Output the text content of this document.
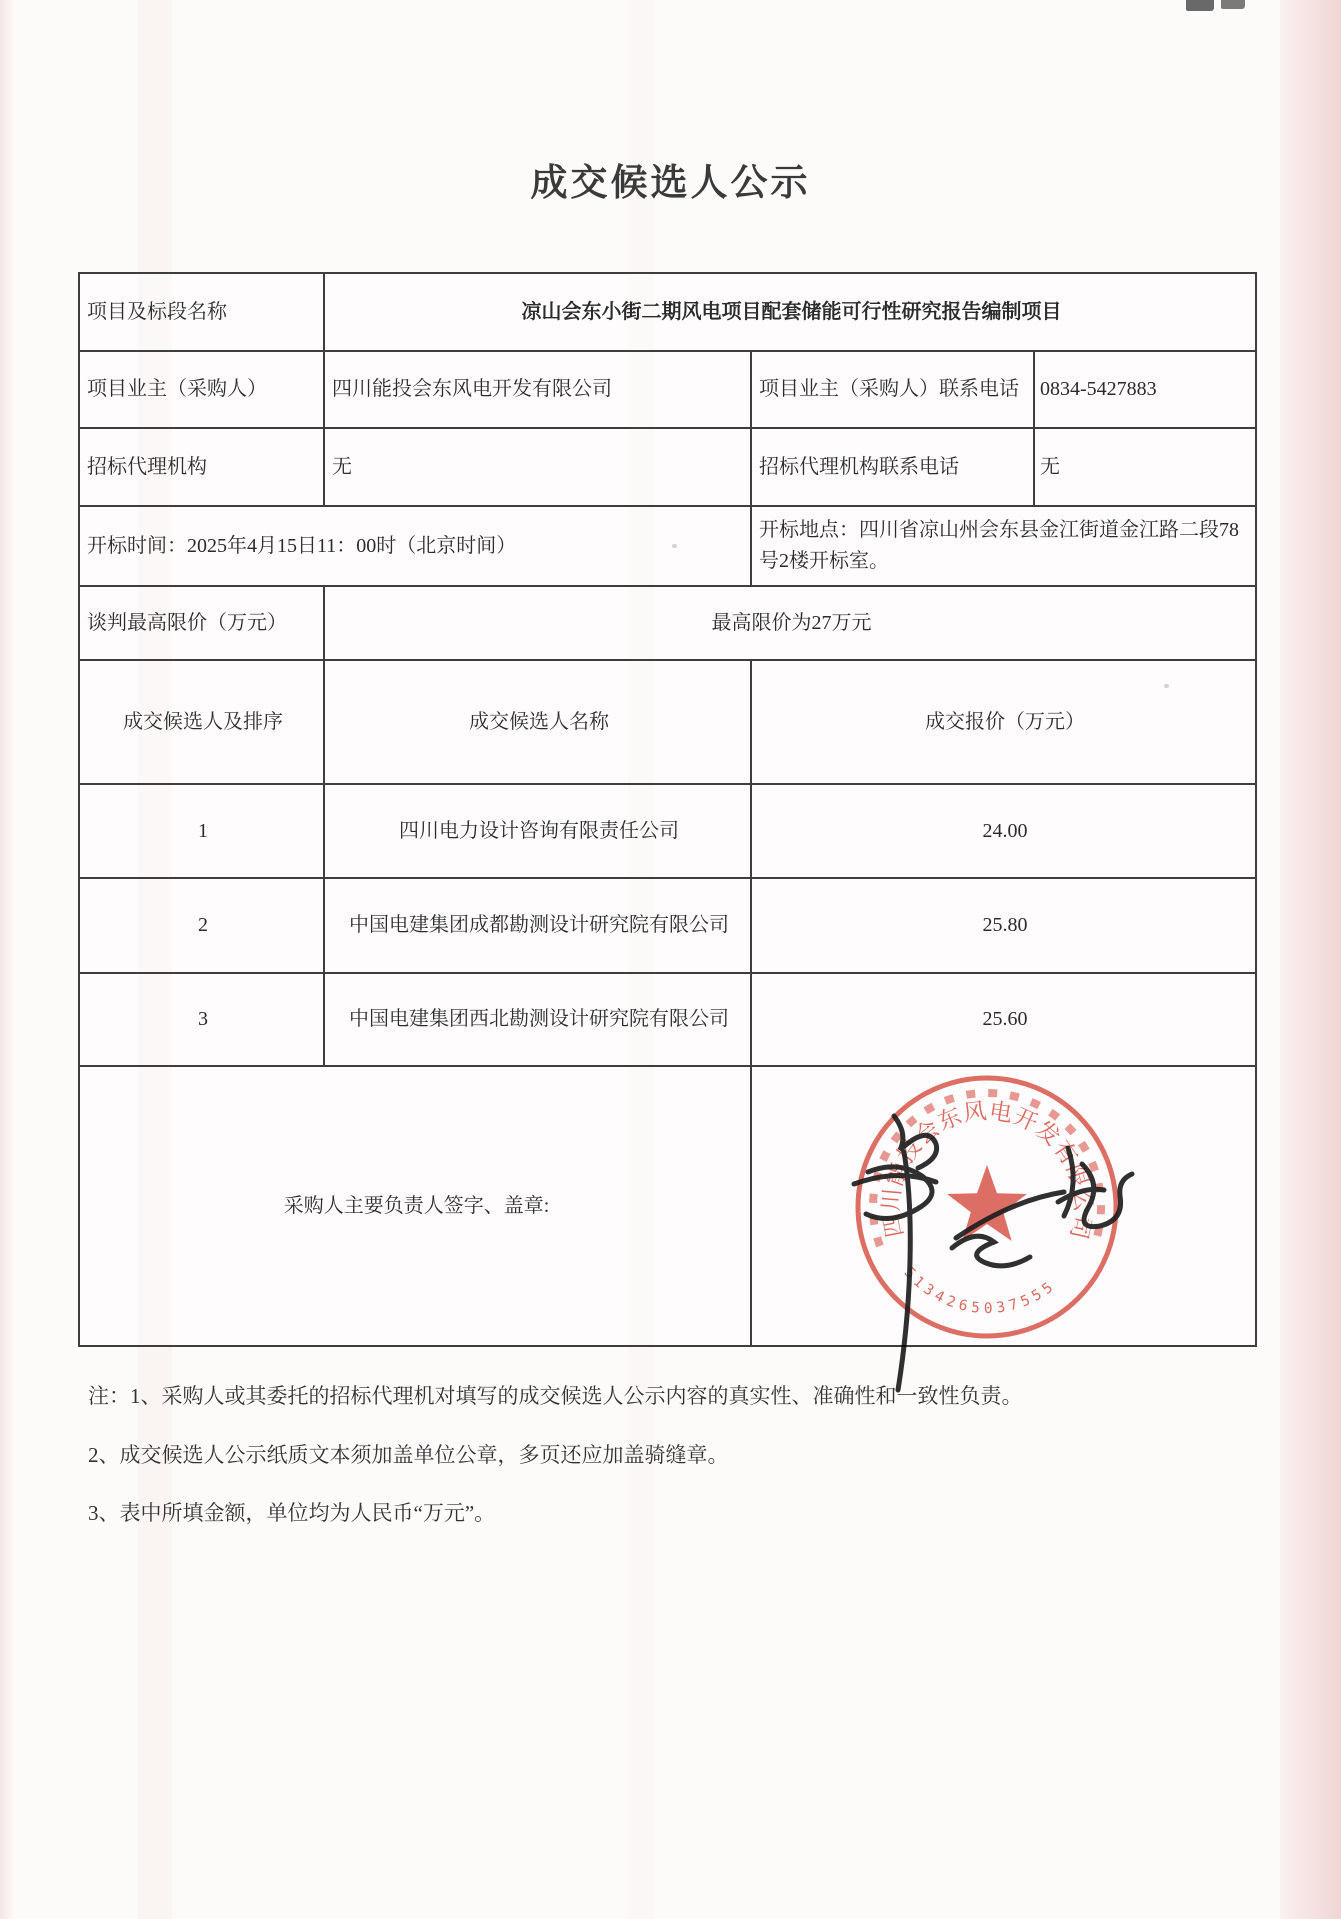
成交候选人公示
项目及标段名称	凉山会东小街二期风电项目配套储能可行性研究报告编制项目		
项目业主（采购人）	四川能投会东风电开发有限公司	项目业主（采购人）联系电话	0834-5427883
招标代理机构	无	招标代理机构联系电话	无
开标时间：2025年4月15日11：00时（北京时间）		开标地点：四川省凉山州会东县金江街道金江路二段78号2楼开标室。	
谈判最高限价（万元）	最高限价为27万元		
成交候选人及排序	成交候选人名称	成交报价（万元）	
1	四川电力设计咨询有限责任公司	24.00	
2	中国电建集团成都勘测设计研究院有限公司	25.80	
3	中国电建集团西北勘测设计研究院有限公司	25.60	
采购人主要负责人签字、盖章:			
四川能投会东风电开发有限公司
5134265037555
注：1、采购人或其委托的招标代理机对填写的成交候选人公示内容的真实性、准确性和一致性负责。
2、成交候选人公示纸质文本须加盖单位公章，多页还应加盖骑缝章。
3、表中所填金额，单位均为人民币“万元”。
